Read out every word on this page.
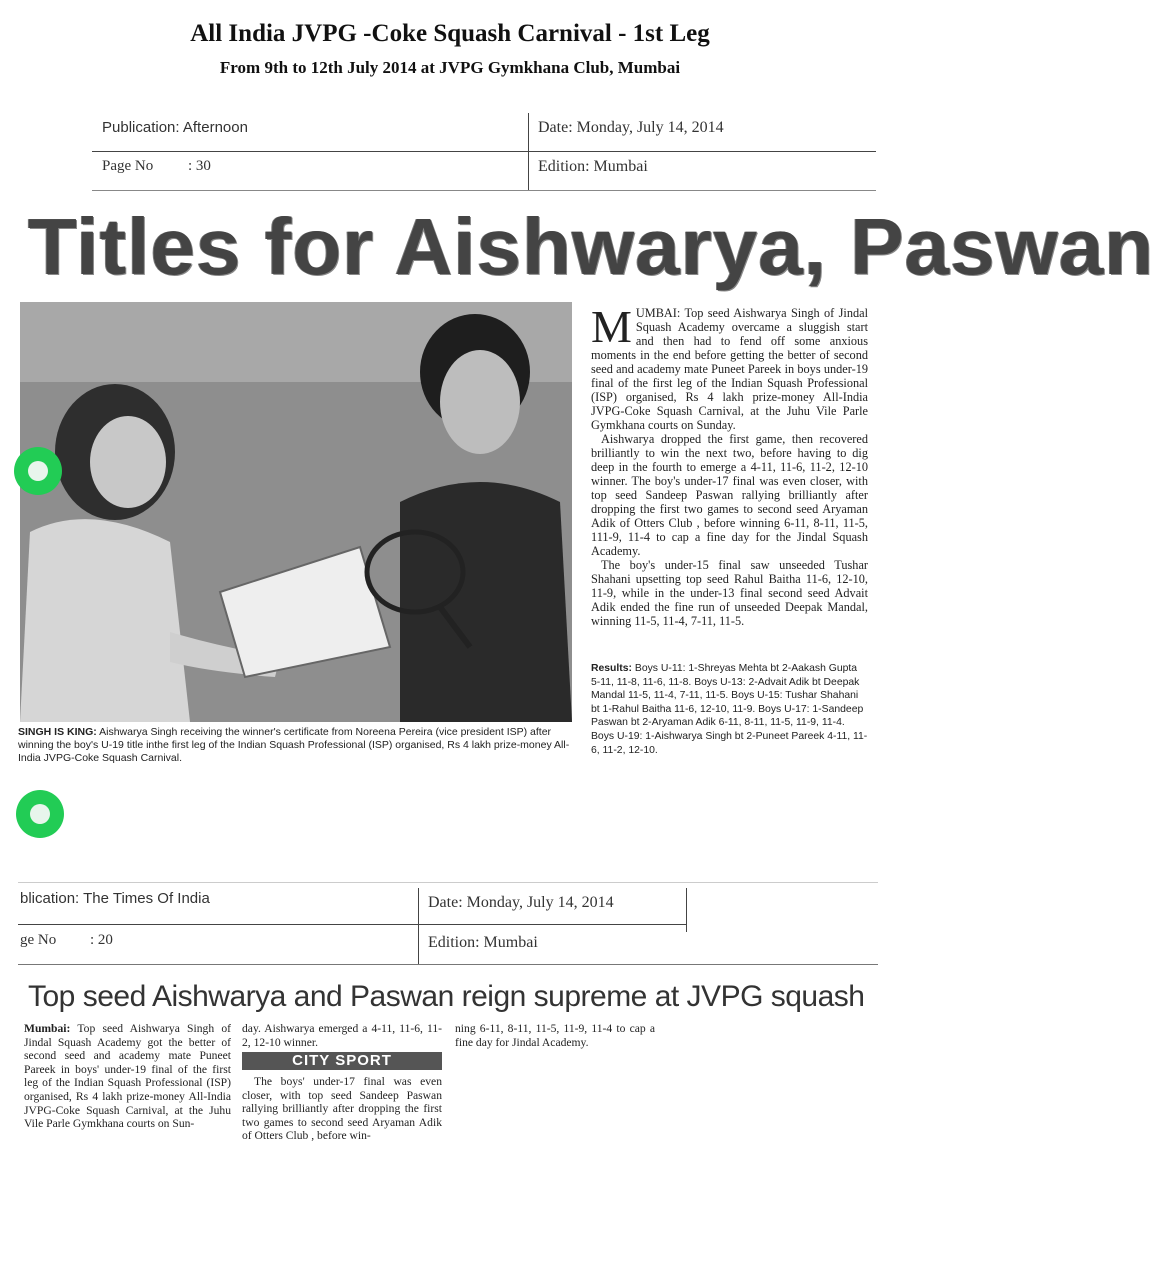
All India JVPG -Coke Squash Carnival - 1st Leg
From 9th to 12th July 2014 at JVPG Gymkhana Club, Mumbai
Publication: Afternoon	Date: Monday, July 14, 2014
Page No : 30	Edition: Mumbai
Titles for Aishwarya, Paswan
SINGH IS KING: Aishwarya Singh receiving the winner's certificate from Noreena Pereira (vice president ISP) after winning the boy's U-19 title inthe first leg of the Indian Squash Professional (ISP) organised, Rs 4 lakh prize-money All-India JVPG-Coke Squash Carnival.

MUMBAI: Top seed Aishwarya Singh of Jindal Squash Academy overcame a sluggish start and then had to fend off some anxious moments in the end before getting the better of second seed and academy mate Puneet Pareek in boys under-19 final of the first leg of the Indian Squash Professional (ISP) organised, Rs 4 lakh prize-money All-India JVPG-Coke Squash Carnival, at the Juhu Vile Parle Gymkhana courts on Sunday.

Aishwarya dropped the first game, then recovered brilliantly to win the next two, before having to dig deep in the fourth to emerge a 4-11, 11-6, 11-2, 12-10 winner. The boy's under-17 final was even closer, with top seed Sandeep Paswan rallying brilliantly after dropping the first two games to second seed Aryaman Adik of Otters Club , before winning 6-11, 8-11, 11-5, 111-9, 11-4 to cap a fine day for the Jindal Squash Academy.

The boy's under-15 final saw unseeded Tushar Shahani upsetting top seed Rahul Baitha 11-6, 12-10, 11-9, while in the under-13 final second seed Advait Adik ended the fine run of unseeded Deepak Mandal, winning 11-5, 11-4, 7-11, 11-5.

Results: Boys U-11: 1-Shreyas Mehta bt 2-Aakash Gupta 5-11, 11-8, 11-6, 11-8. Boys U-13: 2-Advait Adik bt Deepak Mandal 11-5, 11-4, 7-11, 11-5. Boys U-15: Tushar Shahani bt 1-Rahul Baitha 11-6, 12-10, 11-9. Boys U-17: 1-Sandeep Paswan bt 2-Aryaman Adik 6-11, 8-11, 11-5, 11-9, 11-4. Boys U-19: 1-Aishwarya Singh bt 2-Puneet Pareek 4-11, 11-6, 11-2, 12-10.
blication: The Times Of India	Date: Monday, July 14, 2014
ge No : 20	Edition: Mumbai
Top seed Aishwarya and Paswan reign supreme at JVPG squash
Mumbai: Top seed Aishwarya Singh of Jindal Squash Academy got the better of second seed and academy mate Puneet Pareek in boys' under-19 final of the first leg of the Indian Squash Professional (ISP) organised, Rs 4 lakh prize-money All-India JVPG-Coke Squash Carnival, at the Juhu Vile Parle Gymkhana courts on Sun-
day. Aishwarya emerged a 4-11, 11-6, 11-2, 12-10 winner.
CITY SPORT
The boys' under-17 final was even closer, with top seed Sandeep Paswan rallying brilliantly after dropping the first two games to second seed Aryaman Adik of Otters Club , before win-
ning 6-11, 8-11, 11-5, 11-9, 11-4 to cap a fine day for Jindal Academy.
